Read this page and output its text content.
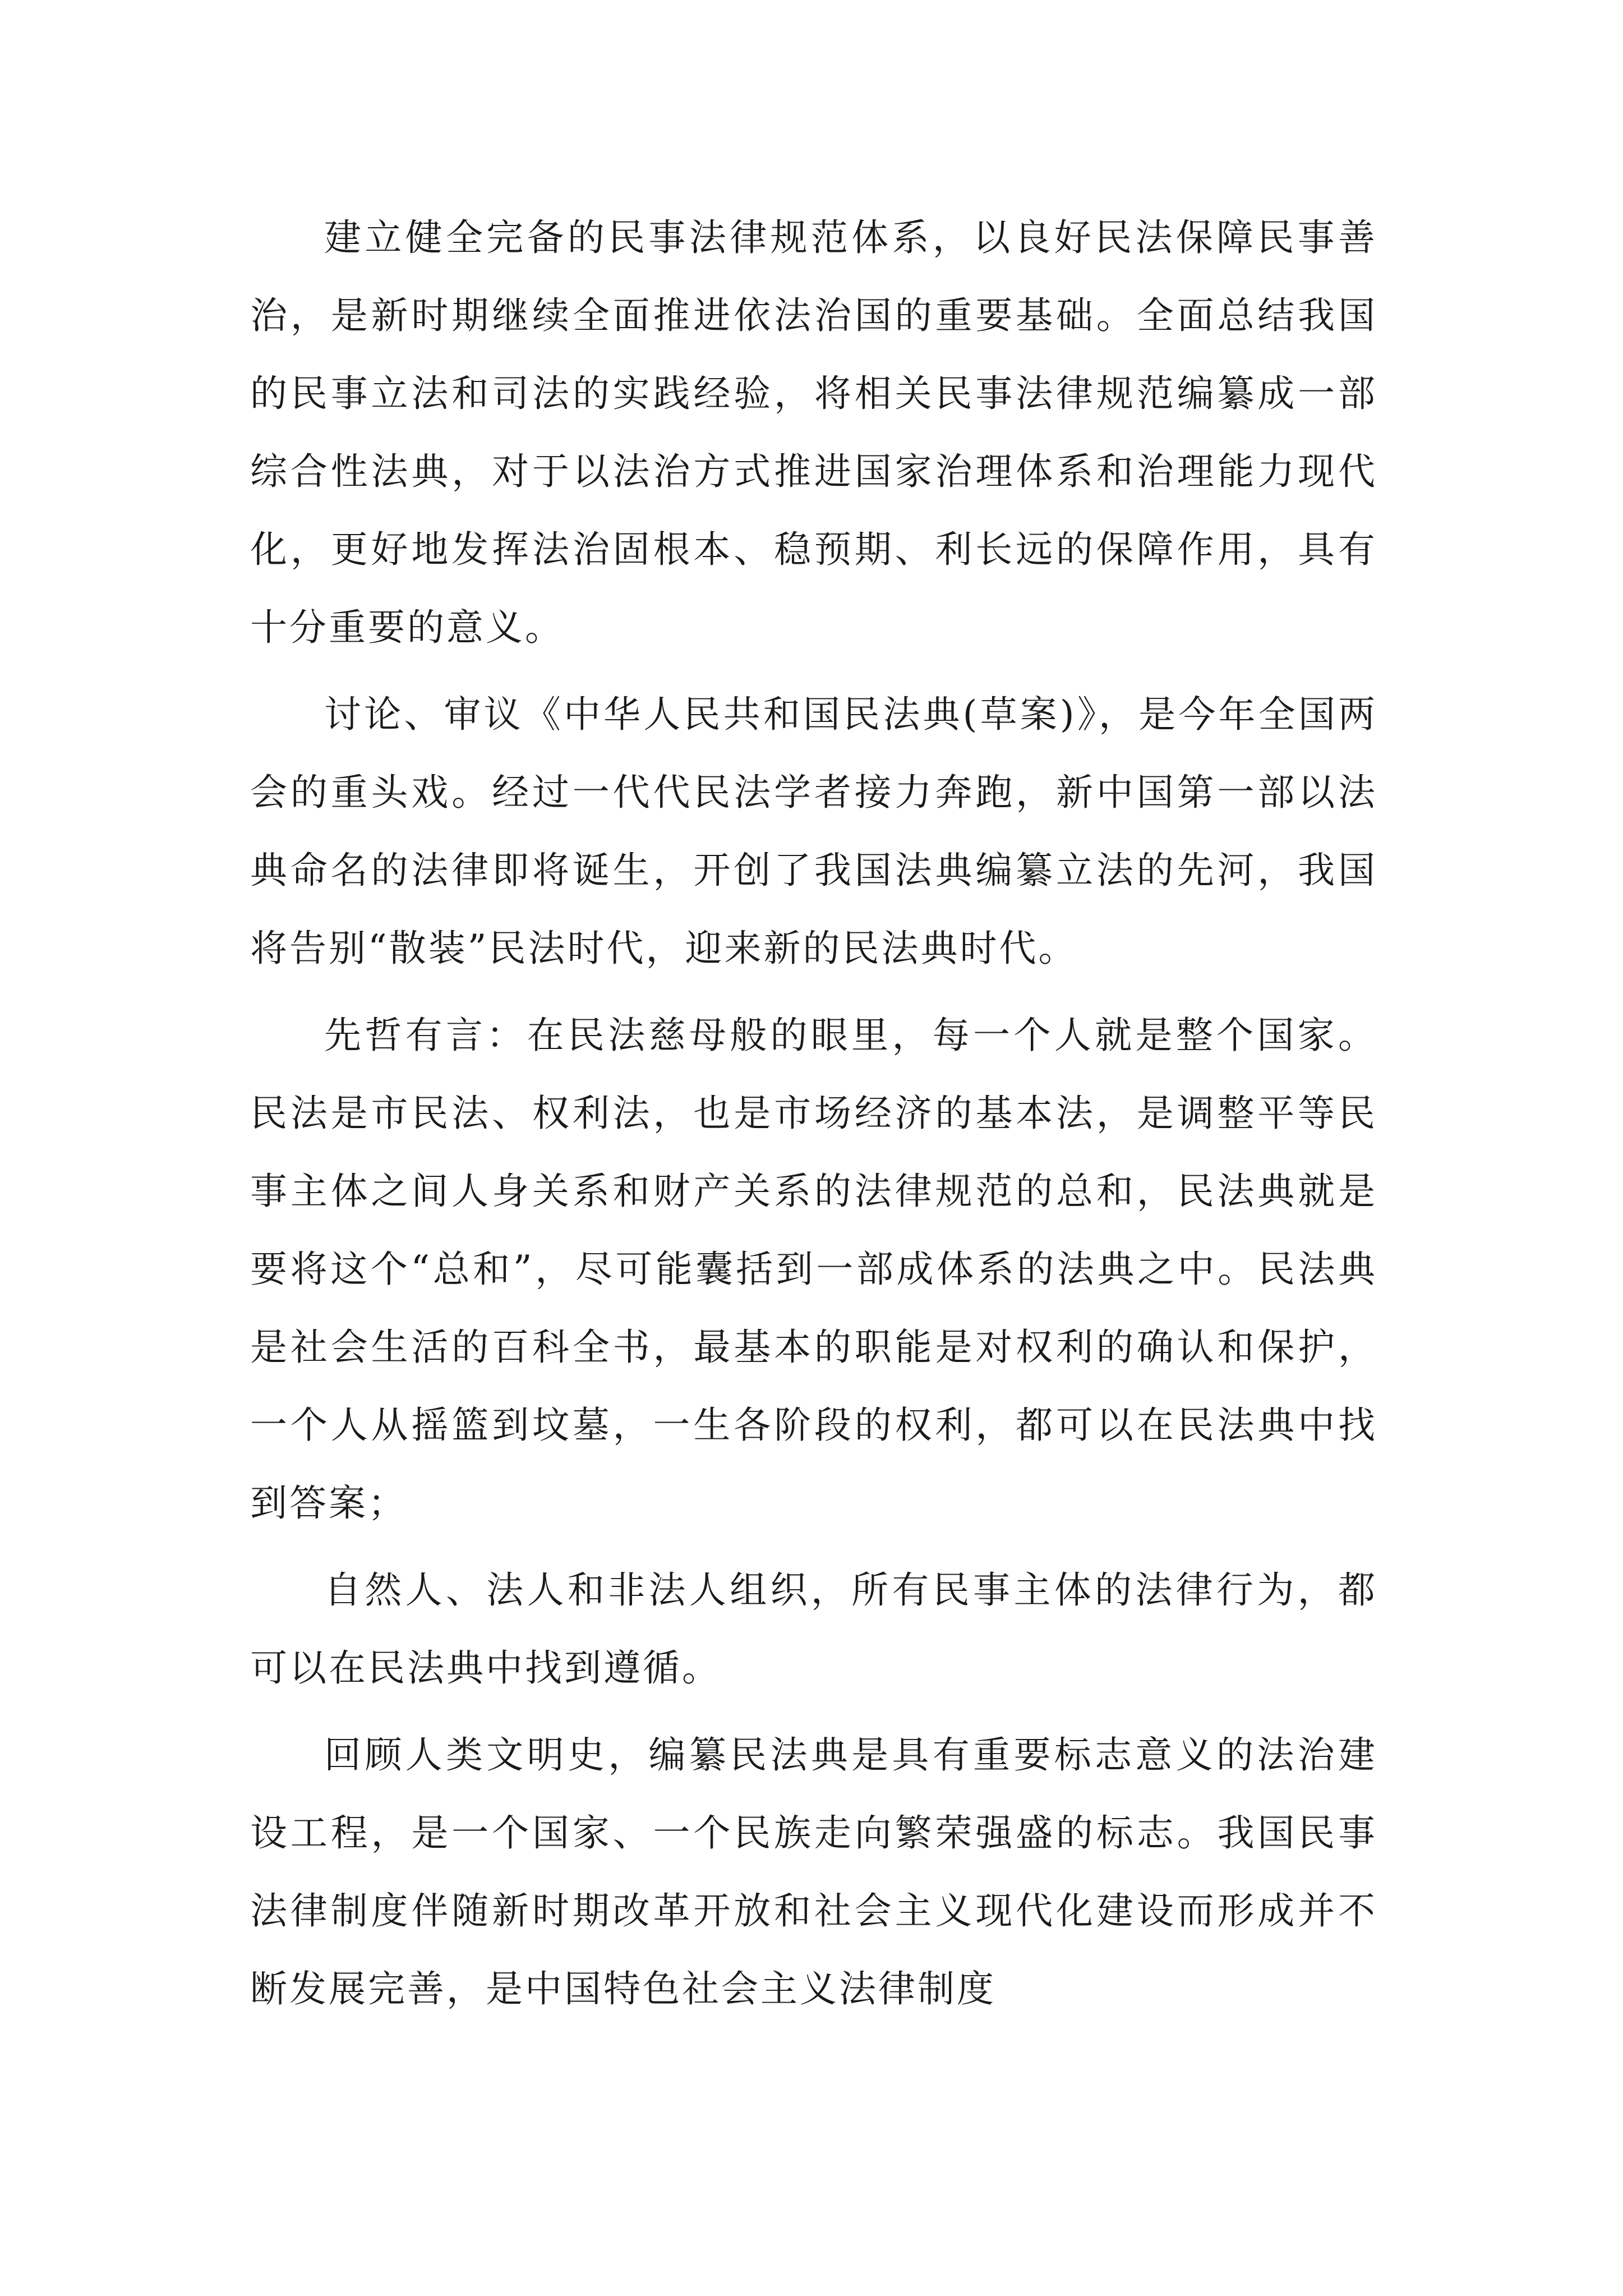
建立健全完备的民事法律规范体系，以良好民法保障民事善治，是新时期继续全面推进依法治国的重要基础。全面总结我国的民事立法和司法的实践经验，将相关民事法律规范编纂成一部综合性法典，对于以法治方式推进国家治理体系和治理能力现代化，更好地发挥法治固根本、稳预期、利长远的保障作用，具有十分重要的意义。

讨论、审议《中华人民共和国民法典(草案)》，是今年全国两会的重头戏。经过一代代民法学者接力奔跑，新中国第一部以法典命名的法律即将诞生，开创了我国法典编纂立法的先河，我国将告别“散装”民法时代，迎来新的民法典时代。

先哲有言：在民法慈母般的眼里，每一个人就是整个国家。民法是市民法、权利法，也是市场经济的基本法，是调整平等民事主体之间人身关系和财产关系的法律规范的总和，民法典就是要将这个“总和”，尽可能囊括到一部成体系的法典之中。民法典是社会生活的百科全书，最基本的职能是对权利的确认和保护，一个人从摇篮到坟墓，一生各阶段的权利，都可以在民法典中找到答案；

自然人、法人和非法人组织，所有民事主体的法律行为，都可以在民法典中找到遵循。

回顾人类文明史，编纂民法典是具有重要标志意义的法治建设工程，是一个国家、一个民族走向繁荣强盛的标志。我国民事法律制度伴随新时期改革开放和社会主义现代化建设而形成并不断发展完善，是中国特色社会主义法律制度
